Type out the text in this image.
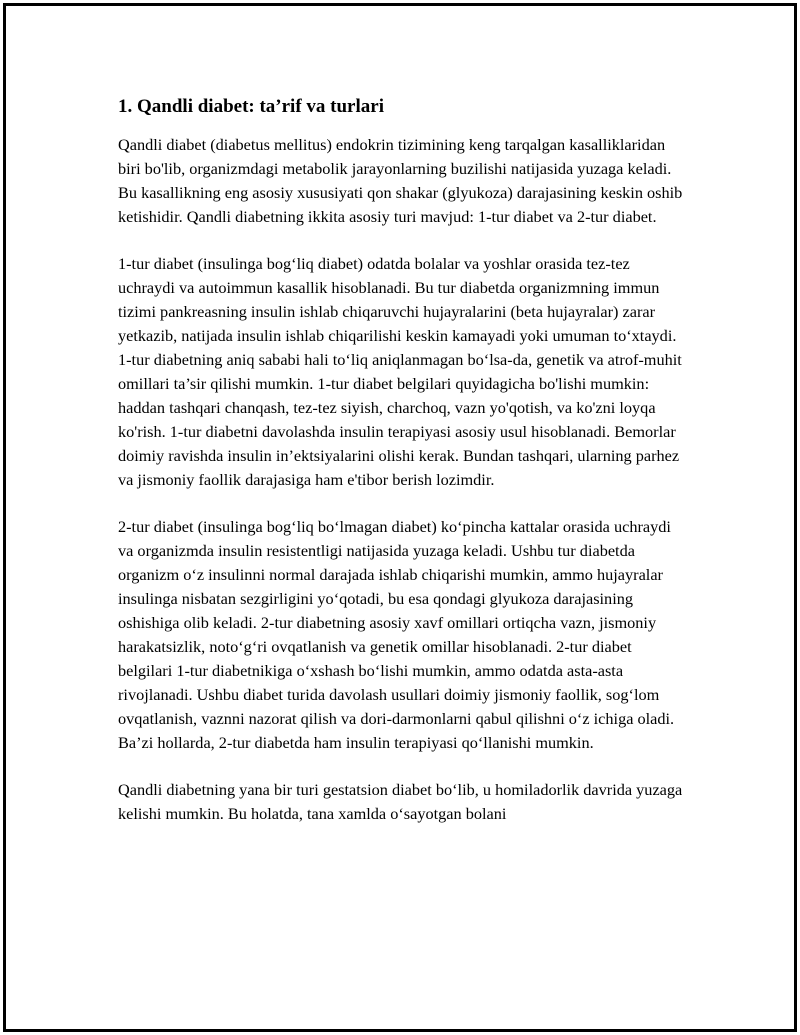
1. Qandli diabet: ta’rif va turlari

Qandli diabet (diabetus mellitus) endokrin tizimining keng tarqalgan kasalliklaridan biri bo'lib, organizmdagi metabolik jarayonlarning buzilishi natijasida yuzaga keladi. Bu kasallikning eng asosiy xususiyati qon shakar (glyukoza) darajasining keskin oshib ketishidir. Qandli diabetning ikkita asosiy turi mavjud: 1-tur diabet va 2-tur diabet.

1-tur diabet (insulinga bogʻliq diabet) odatda bolalar va yoshlar orasida tez-tez uchraydi va autoimmun kasallik hisoblanadi. Bu tur diabetda organizmning immun tizimi pankreasning insulin ishlab chiqaruvchi hujayralarini (beta hujayralar) zarar yetkazib, natijada insulin ishlab chiqarilishi keskin kamayadi yoki umuman toʻxtaydi. 1-tur diabetning aniq sababi hali toʻliq aniqlanmagan boʻlsa-da, genetik va atrof-muhit omillari ta’sir qilishi mumkin. 1-tur diabet belgilari quyidagicha bo'lishi mumkin: haddan tashqari chanqash, tez-tez siyish, charchoq, vazn yo'qotish, va ko'zni loyqa ko'rish. 1-tur diabetni davolashda insulin terapiyasi asosiy usul hisoblanadi. Bemorlar doimiy ravishda insulin in’ektsiyalarini olishi kerak. Bundan tashqari, ularning parhez va jismoniy faollik darajasiga ham e'tibor berish lozimdir.

2-tur diabet (insulinga bogʻliq boʻlmagan diabet) koʻpincha kattalar orasida uchraydi va organizmda insulin resistentligi natijasida yuzaga keladi. Ushbu tur diabetda organizm oʻz insulinni normal darajada ishlab chiqarishi mumkin, ammo hujayralar insulinga nisbatan sezgirligini yoʻqotadi, bu esa qondagi glyukoza darajasining oshishiga olib keladi. 2-tur diabetning asosiy xavf omillari ortiqcha vazn, jismoniy harakatsizlik, notoʻgʻri ovqatlanish va genetik omillar hisoblanadi. 2-tur diabet belgilari 1-tur diabetnikiga oʻxshash boʻlishi mumkin, ammo odatda asta-asta rivojlanadi. Ushbu diabet turida davolash usullari doimiy jismoniy faollik, sogʻlom ovqatlanish, vaznni nazorat qilish va dori-darmonlarni qabul qilishni oʻz ichiga oladi. Ba’zi hollarda, 2-tur diabetda ham insulin terapiyasi qoʻllanishi mumkin.

Qandli diabetning yana bir turi gestatsion diabet boʻlib, u homiladorlik davrida yuzaga kelishi mumkin. Bu holatda, tana xamlda oʻsayotgan bolani
